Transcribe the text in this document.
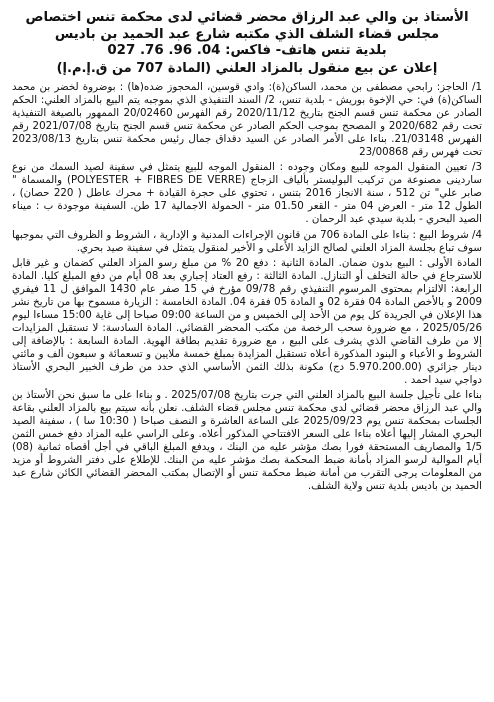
الأستاذ بن والي عبد الرزاق محضر قضائي لدى محكمة تنس اختصاص
مجلس قضاء الشلف الذي مكتبه شارع عبد الحميد بن باديس
بلدية تنس هاتف- فاكس: 04. 96. 76. 027
إعلان عن بيع منقول بالمزاد العلني (المادة 707 من ق.إ.م.إ)

1/ الحاجز: رابحي مصطفى بن محمد، الساكن(ة): وادي قوسين، المحجوز ضده(ها) : بوضروة لخضر بن محمد الساكن(ة) في: حي الإخوة بوريش - بلدية تنس، 2/ السند التنفيذي الذي بموجبه يتم البيع بالمزاد العلني: الحكم الصادر عن محكمة تنس قسم الجنح بتاريخ 2020/11/12 رقم الفهرس 20/02460 الممهور بالصيغة التنفيذية تحت رقم 2020/682 و المصحح بموجب الحكم الصادر عن محكمة تنس قسم الجنح بتاريخ 2021/07/08 رقم الفهرس 21/03148. بناءا على الأمر الصادر عن السيد دقداق جمال رئيس محكمة تنس بتاريخ 2023/08/13 تحت فهرس رقم 23/00868

3/ تعيين المنقول الموجه للبيع ومكان وجوده : المنقول الموجه للبيع يتمثل في سفينة لصيد السمك من نوع ساردينى مصنوعة من تركيب البوليستر بألياف الزجاج (POLYESTER + FIBRES DE VERRE) والمسماة " صابر علي" تن 512 ، سنة الانجاز 2016 بتنس ، تحتوي على حجرة القيادة + محرك عاطل ( 220 حصان) ، الطول 12 متر - العرض 04 متر - القعر 01.50 متر - الحمولة الاجمالية 17 طن. السفينة موجودة ب : ميناء الصيد البحري - بلدية سيدي عبد الرحمان .

4/ شروط البيع : بناءا على المادة 706 من قانون الإجراءات المدنية و الإدارية ، الشروط و الظروف التي بموجبها سوف تباع بجلسة المزاد العلني لصالح الزايد الأعلى و الأخير لمنقول يتمثل في سفينة صيد بحري.

المادة الأولى : البيع بدون ضمان. المادة الثانية : دفع 20 % من مبلغ رسو المزاد العلني كضمان و غير قابل للاسترجاع في حالة التخلف أو التنازل. المادة الثالثة : رفع العتاد إجباري بعد 08 أيام من دفع المبلغ كليا. المادة الرابعة: الالتزام بمحتوى المرسوم التنفيذي رقم 09/78 مؤرخ في 15 صفر عام 1430 الموافق ل 11 فيفري 2009 و بالأخص المادة 04 فقرة 02 و المادة 05 فقرة 04. المادة الخامسة : الزيارة مسموح بها من تاريخ نشر هذا الإعلان في الجريدة كل يوم من الأحد إلى الخميس و من الساعة 09:00 صباحا إلى غاية 15:00 مساءا ليوم 2025/05/26 ، مع ضرورة سحب الرخصة من مكتب المحضر القضائي. المادة السادسة: لا تستقبل المزايدات إلا من طرف القاضي الذي يشرف على البيع ، مع ضرورة تقديم بطاقة الهوية. المادة السابعة : بالإضافة إلى الشروط و الأعباء و البنود المذكورة أعلاه تستقبل المزايدة بمبلغ خمسة ملايين و تسعمائة و سبعون ألف و مائتي دينار جزائري (5.970.200.00 دج) مكونة بذلك الثمن الأساسي الذي حدد من طرف الخبير البحري الأستاذ دواجي سيد احمد .

بناءا على تأجيل جلسة البيع بالمزاد العلني التي جرت بتاريخ 2025/07/08 . و بناءا على ما سبق نحن الأستاذ بن والي عبد الرزاق محضر قضائي لدى محكمة تنس مجلس قضاء الشلف. نعلن بأنه سيتم بيع بالمزاد العلني بقاعة الجلسات بمحكمة تنس يوم 2025/09/23 على الساعة العاشرة و النصف صباحا ( 10:30 سا ) ، سفينة الصيد البحري المشار إليها أعلاه بناءا على السعر الافتتاحي المذكور أعلاه. وعلى الراسي عليه المزاد دفع خمس الثمن 1/5 والمصاريف المستحقة فورا بصك مؤشر عليه من البنك ، ويدفع المبلغ الباقي في أجل أقصاه ثمانية (08) أيام الموالية لرسو المزاد بأمانة ضبط المحكمة بصك مؤشر عليه من البنك. للإطلاع على دفتر الشروط أو مزيد من المعلومات يرجى التقرب من أمانة ضبط محكمة تنس أو الإتصال بمكتب المحضر القضائي الكائن شارع عبد الحميد بن باديس بلدية تنس ولاية الشلف.
